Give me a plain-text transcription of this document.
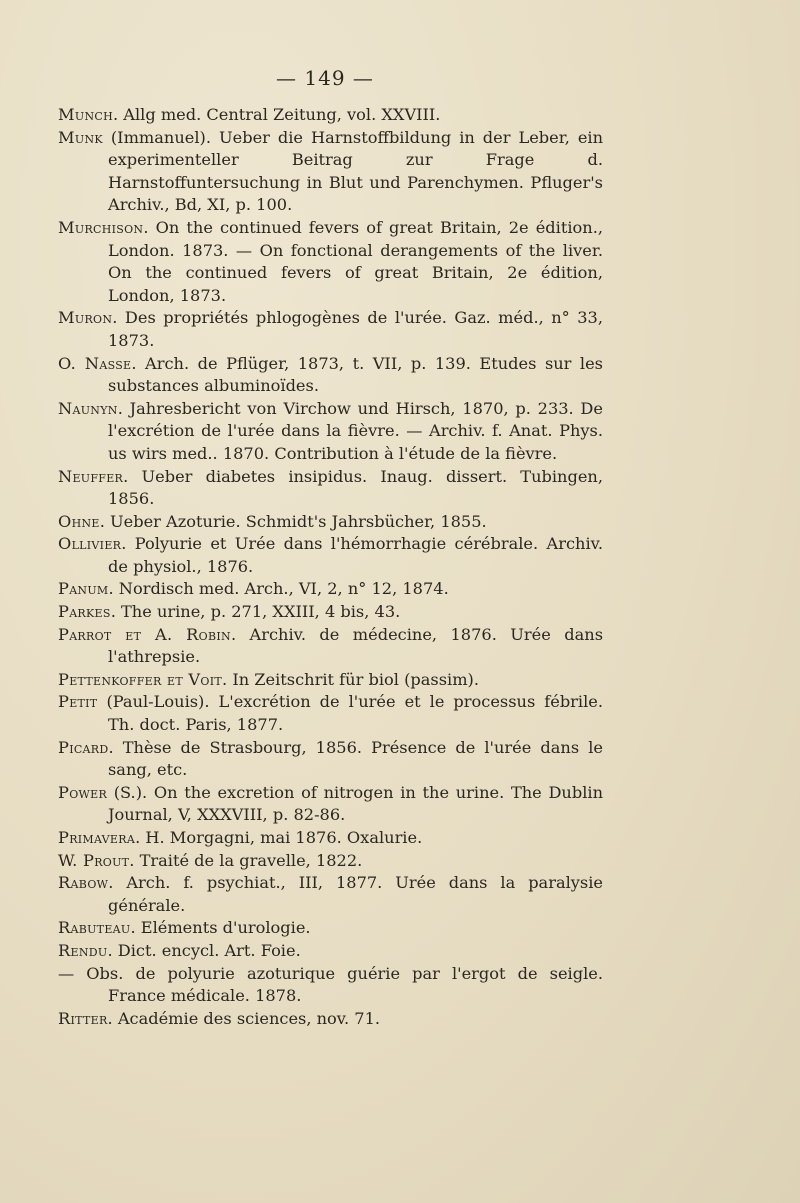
— 149 —

Munch. Allg med. Central Zeitung, vol. XXVIII.

Munk (Immanuel). Ueber die Harnstoffbildung in der Leber, ein experimenteller Beitrag zur Frage d. Harnstoffuntersuchung in Blut und Parenchymen. Pfluger's Archiv., Bd, XI, p. 100.

Murchison. On the continued fevers of great Britain, 2e édition., London. 1873. — On fonctional derangements of the liver. On the continued fevers of great Britain, 2e édition, London, 1873.

Muron. Des propriétés phlogogènes de l'urée. Gaz. méd., n° 33, 1873.

O. Nasse. Arch. de Pflüger, 1873, t. VII, p. 139. Etudes sur les substances albuminoïdes.

Naunyn. Jahresbericht von Virchow und Hirsch, 1870, p. 233. De l'excrétion de l'urée dans la fièvre. — Archiv. f. Anat. Phys. us wirs med.. 1870. Contribution à l'étude de la fièvre.

Neuffer. Ueber diabetes insipidus. Inaug. dissert. Tubingen, 1856.

Ohne. Ueber Azoturie. Schmidt's Jahrsbücher, 1855.

Ollivier. Polyurie et Urée dans l'hémorrhagie cérébrale. Archiv. de physiol., 1876.

Panum. Nordisch med. Arch., VI, 2, n° 12, 1874.

Parkes. The urine, p. 271, XXIII, 4 bis, 43.

Parrot et A. Robin. Archiv. de médecine, 1876. Urée dans l'athrepsie.

Pettenkoffer et Voit. In Zeitschrit für biol (passim).

Petit (Paul-Louis). L'excrétion de l'urée et le processus fébrile. Th. doct. Paris, 1877.

Picard. Thèse de Strasbourg, 1856. Présence de l'urée dans le sang, etc.

Power (S.). On the excretion of nitrogen in the urine. The Dublin Journal, V, XXXVIII, p. 82-86.

Primavera. H. Morgagni, mai 1876. Oxalurie.

W. Prout. Traité de la gravelle, 1822.

Rabow. Arch. f. psychiat., III, 1877. Urée dans la paralysie générale.

Rabuteau. Eléments d'urologie.

Rendu. Dict. encycl. Art. Foie.

— Obs. de polyurie azoturique guérie par l'ergot de seigle. France médicale. 1878.

Ritter. Académie des sciences, nov. 71.
